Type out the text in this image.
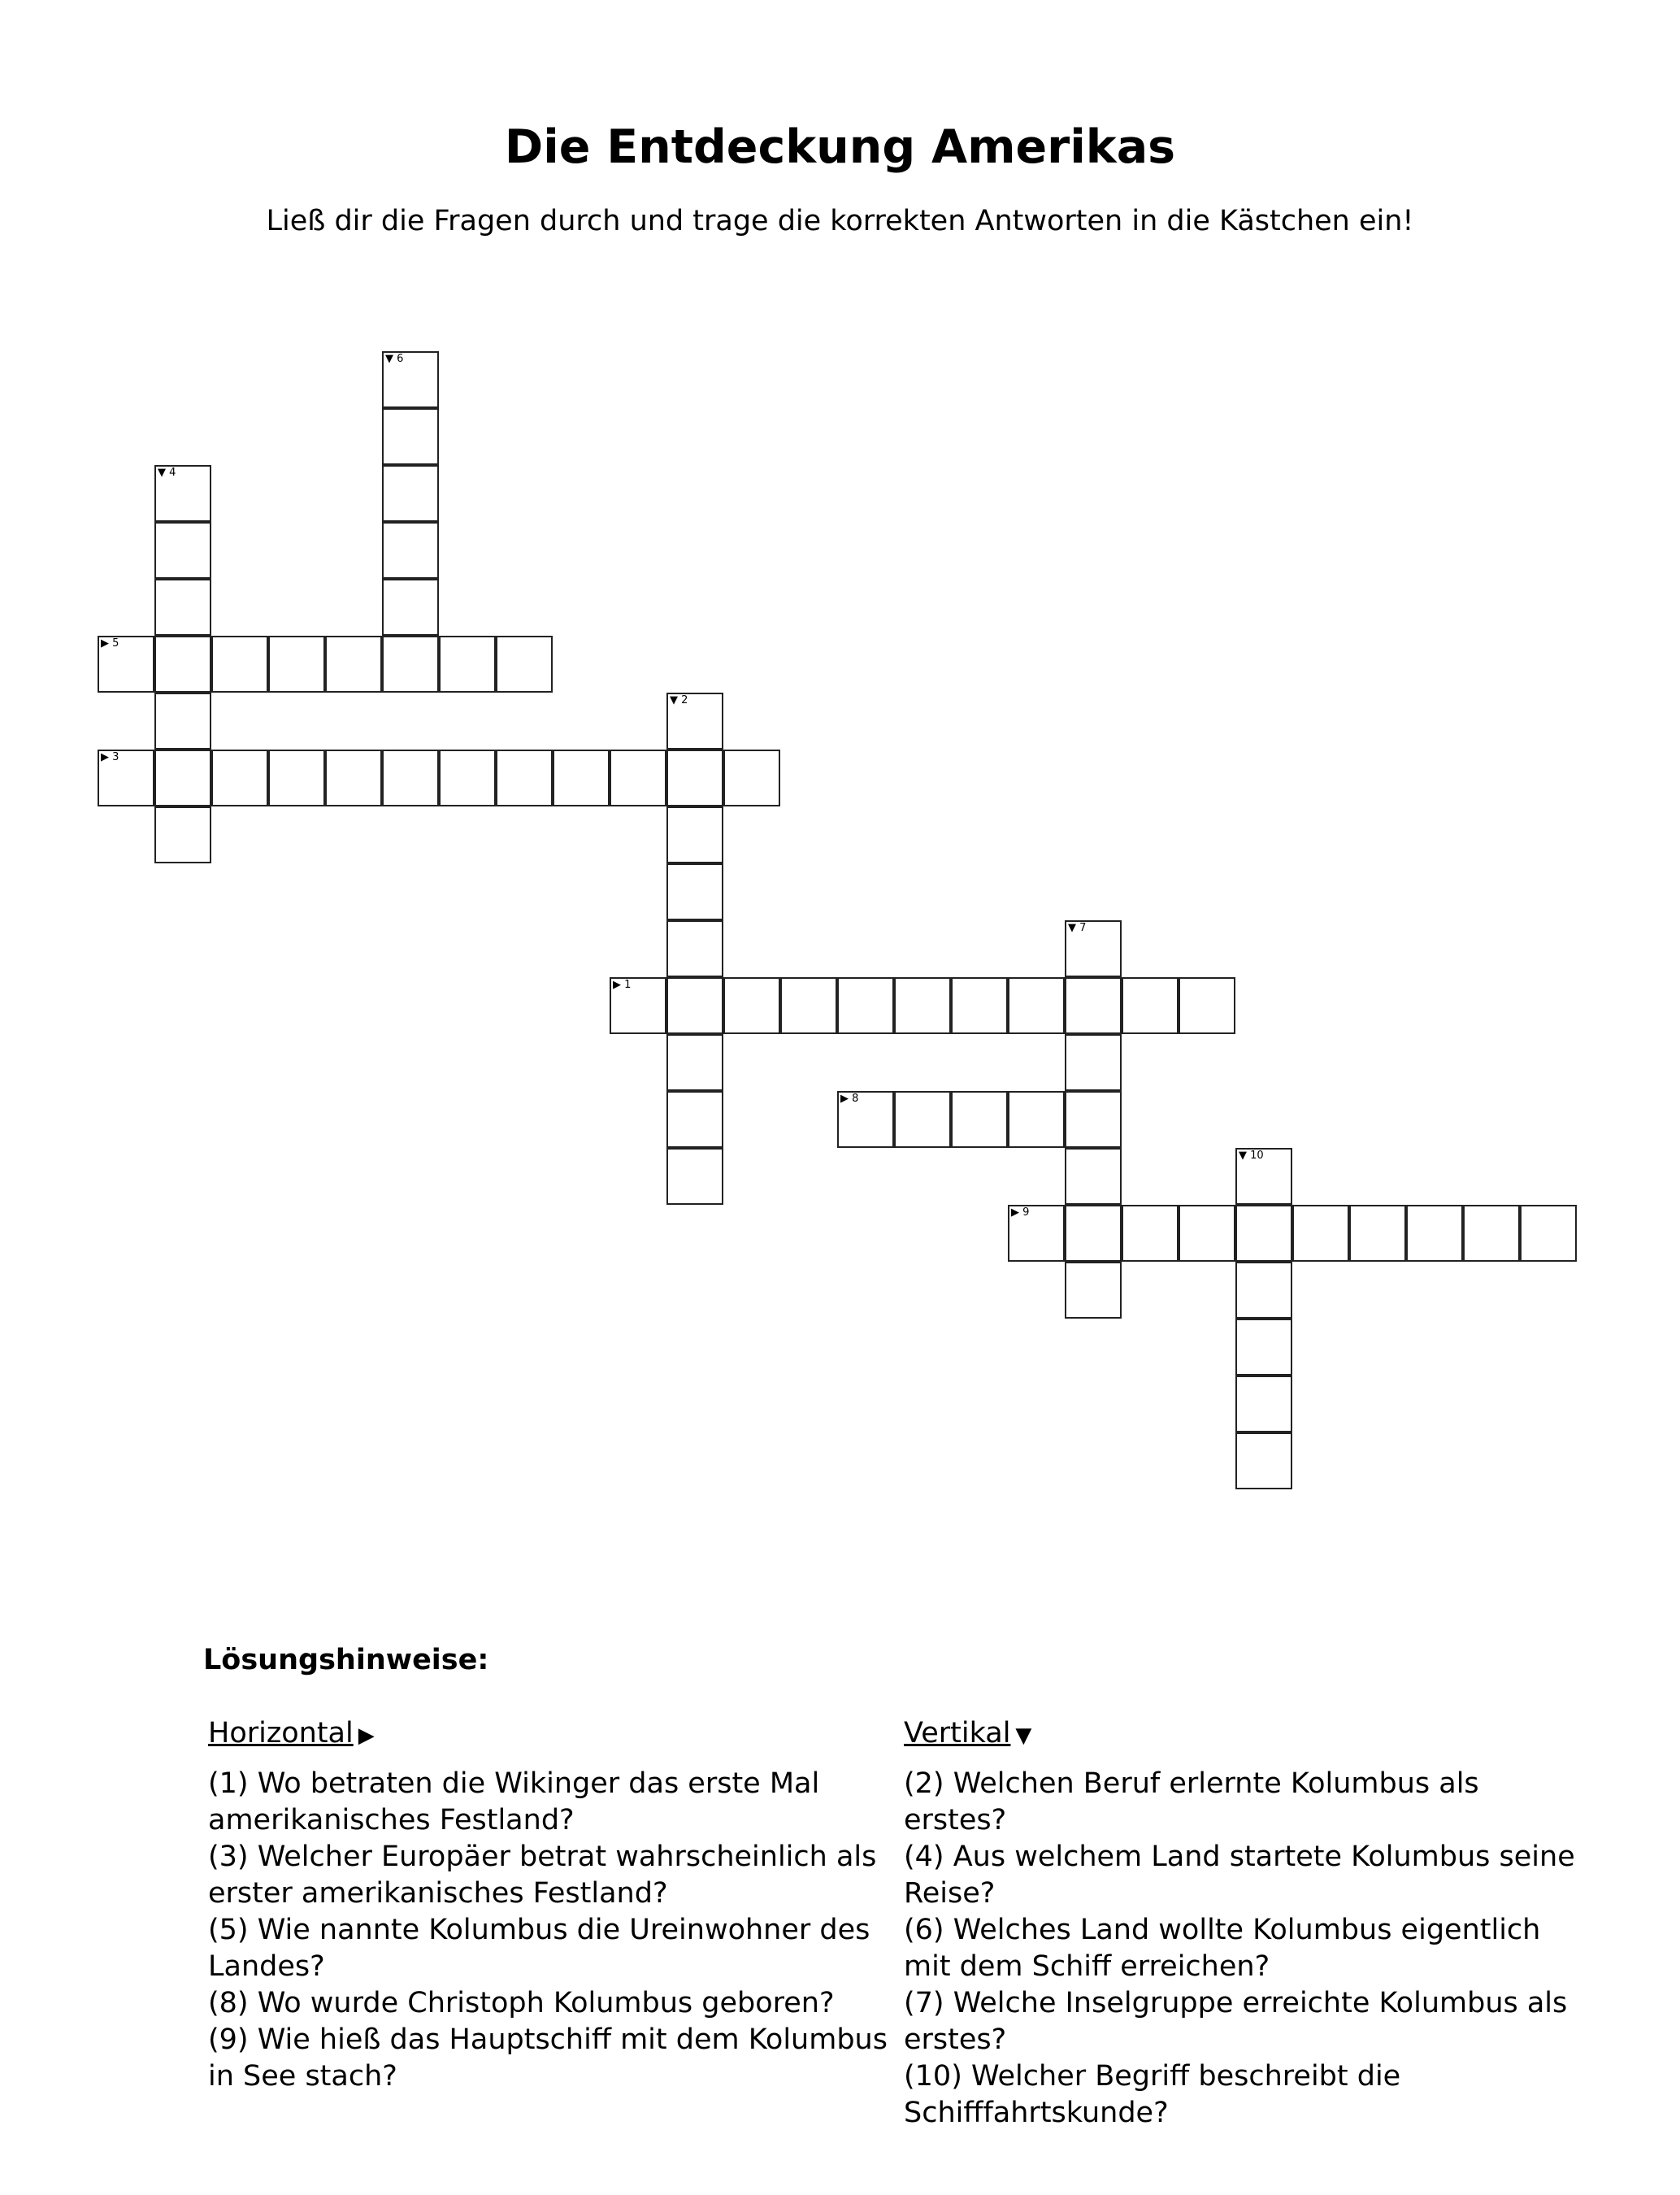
Die Entdeckung Amerikas
Ließ dir die Fragen durch und trage die korrekten Antworten in die Kästchen ein!
▶ 1
▼ 2
▶ 3
▼ 4
▶ 5
▼ 6
▼ 7
▶ 8
▶ 9
▼ 10
Lösungshinweise:
Horizontal ▶
(1) Wo betraten die Wikinger das erste Mal amerikanisches Festland?
(3) Welcher Europäer betrat wahrscheinlich als erster amerikanisches Festland?
(5) Wie nannte Kolumbus die Ureinwohner des Landes?
(8) Wo wurde Christoph Kolumbus geboren?
(9) Wie hieß das Hauptschiff mit dem Kolumbus in See stach?
Vertikal ▼
(2) Welchen Beruf erlernte Kolumbus als erstes?
(4) Aus welchem Land startete Kolumbus seine Reise?
(6) Welches Land wollte Kolumbus eigentlich mit dem Schiff erreichen?
(7) Welche Inselgruppe erreichte Kolumbus als erstes?
(10) Welcher Begriff beschreibt die Schifffahrtskunde?
